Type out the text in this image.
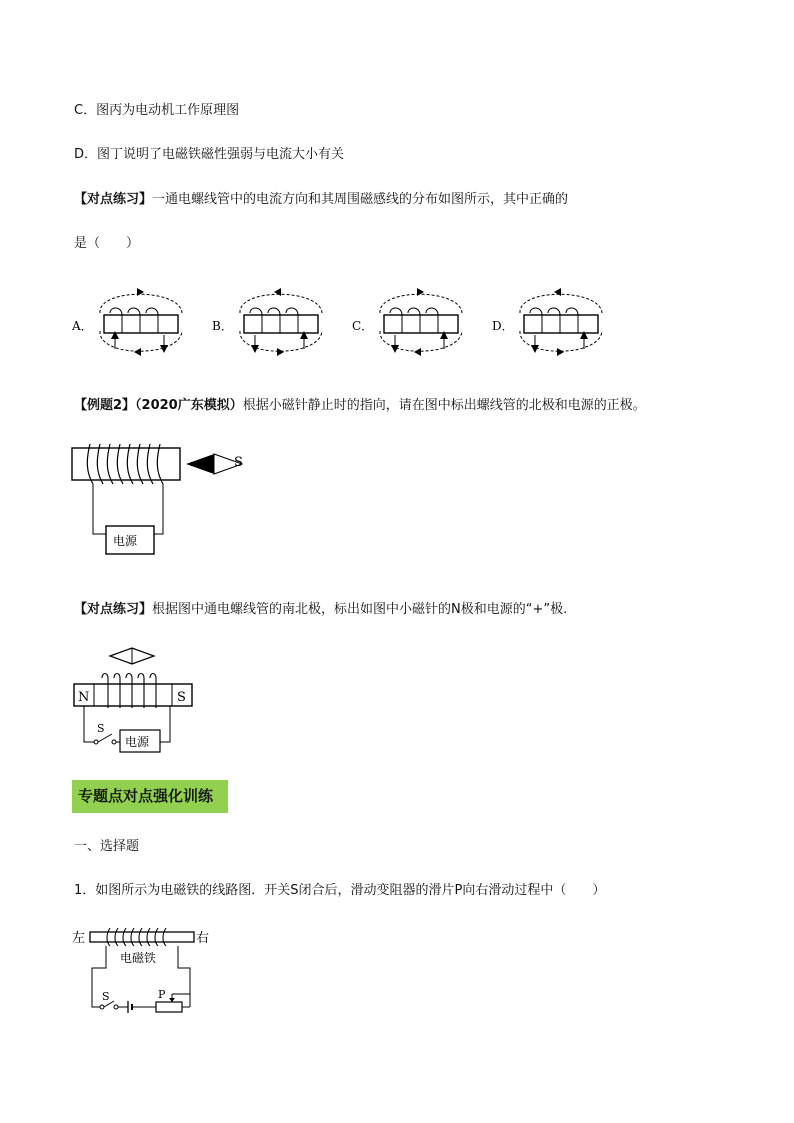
C．图丙为电动机工作原理图
D．图丁说明了电磁铁磁性强弱与电流大小有关
【对点练习】一通电螺线管中的电流方向和其周围磁感线的分布如图所示，其中正确的
是（　　）
A．	B．	C．	D．
【例题2】（2020广东模拟）根据小磁针静止时的指向，请在图中标出螺线管的北极和电源的正极。
电源
S
【对点练习】根据图中通电螺线管的南北极，标出如图中小磁针的N极和电源的“+”极.
N	S
S
电源
专题点对点强化训练
一、选择题
1．如图所示为电磁铁的线路图．开关S闭合后，滑动变阻器的滑片P向右滑动过程中（　　）
左	右
电磁铁
S	P
